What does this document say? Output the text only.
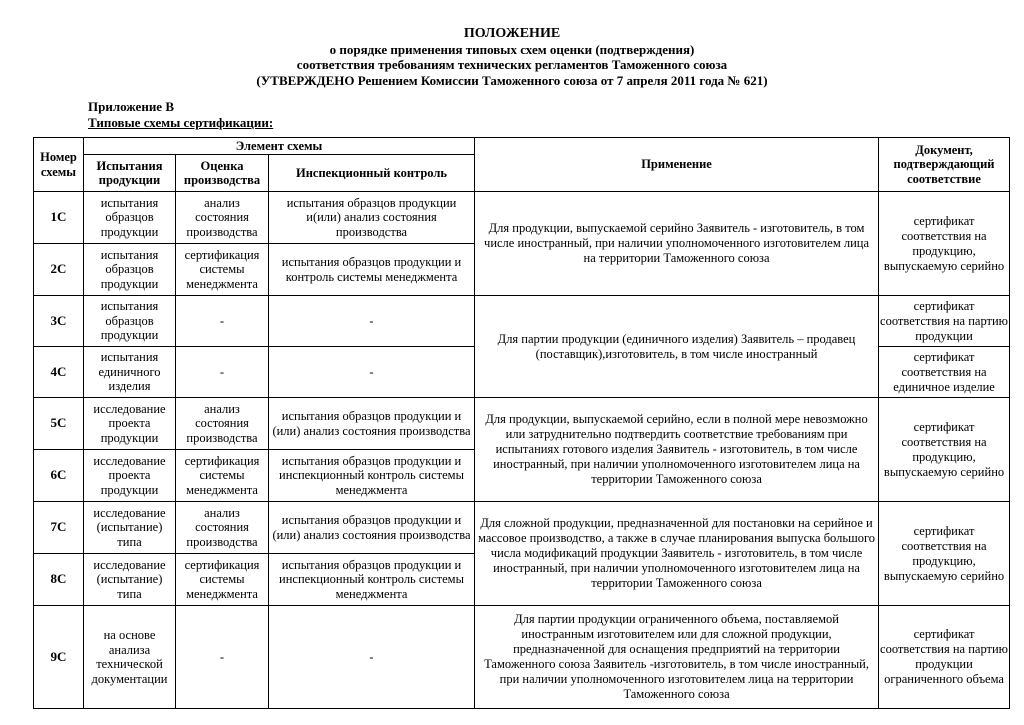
ПОЛОЖЕНИЕ
о порядке применения типовых схем оценки (подтверждения)
соответствия требованиям технических регламентов Таможенного союза
(УТВЕРЖДЕНО Решением Комиссии Таможенного союза от 7 апреля 2011 года № 621)
Приложение В
Типовые схемы сертификации:
Номер схемы	Элемент схемы			Применение	Документ, подтверждающий соответствие
	Испытания продукции	Оценка производства	Инспекционный контроль		
1С	испытания образцов продукции	анализ состояния производства	испытания образцов продукции и(или) анализ состояния производства	Для продукции, выпускаемой серийно Заявитель - изготовитель, в том числе иностранный, при наличии уполномоченного изготовителем лица на территории Таможенного союза	сертификат соответствия на продукцию, выпускаемую серийно
2С	испытания образцов продукции	сертификация системы менеджмента	испытания образцов продукции и контроль системы менеджмента		
3С	испытания образцов продукции	-	-	Для партии продукции (единичного изделия) Заявитель – продавец (поставщик),изготовитель, в том числе иностранный	сертификат соответствия на партию продукции
4С	испытания единичного изделия	-	-		сертификат соответствия на единичное изделие
5С	исследование проекта продукции	анализ состояния производства	испытания образцов продукции и (или) анализ состояния производства	Для продукции, выпускаемой серийно, если в полной мере невозможно или затруднительно подтвердить соответствие требованиям при испытаниях готового изделия Заявитель - изготовитель, в том числе иностранный, при наличии уполномоченного изготовителем лица на территории Таможенного союза	сертификат соответствия на продукцию, выпускаемую серийно
6С	исследование проекта продукции	сертификация системы менеджмента	испытания образцов продукции и инспекционный контроль системы менеджмента		
7С	исследование (испытание) типа	анализ состояния производства	испытания образцов продукции и (или) анализ состояния производства	Для сложной продукции, предназначенной для постановки на серийное и массовое производство, а также в случае планирования выпуска большого числа модификаций продукции Заявитель - изготовитель, в том числе иностранный, при наличии уполномоченного изготовителем лица на территории Таможенного союза	сертификат соответствия на продукцию, выпускаемую серийно
8С	исследование (испытание) типа	сертификация системы менеджмента	испытания образцов продукции и инспекционный контроль системы менеджмента		
9С	на основе анализа технической документации	-	-	Для партии продукции ограниченного объема, поставляемой иностранным изготовителем или для сложной продукции, предназначенной для оснащения предприятий на территории Таможенного союза Заявитель -изготовитель, в том числе иностранный, при наличии уполномоченного изготовителем лица на территории Таможенного союза	сертификат соответствия на партию продукции ограниченного объема
